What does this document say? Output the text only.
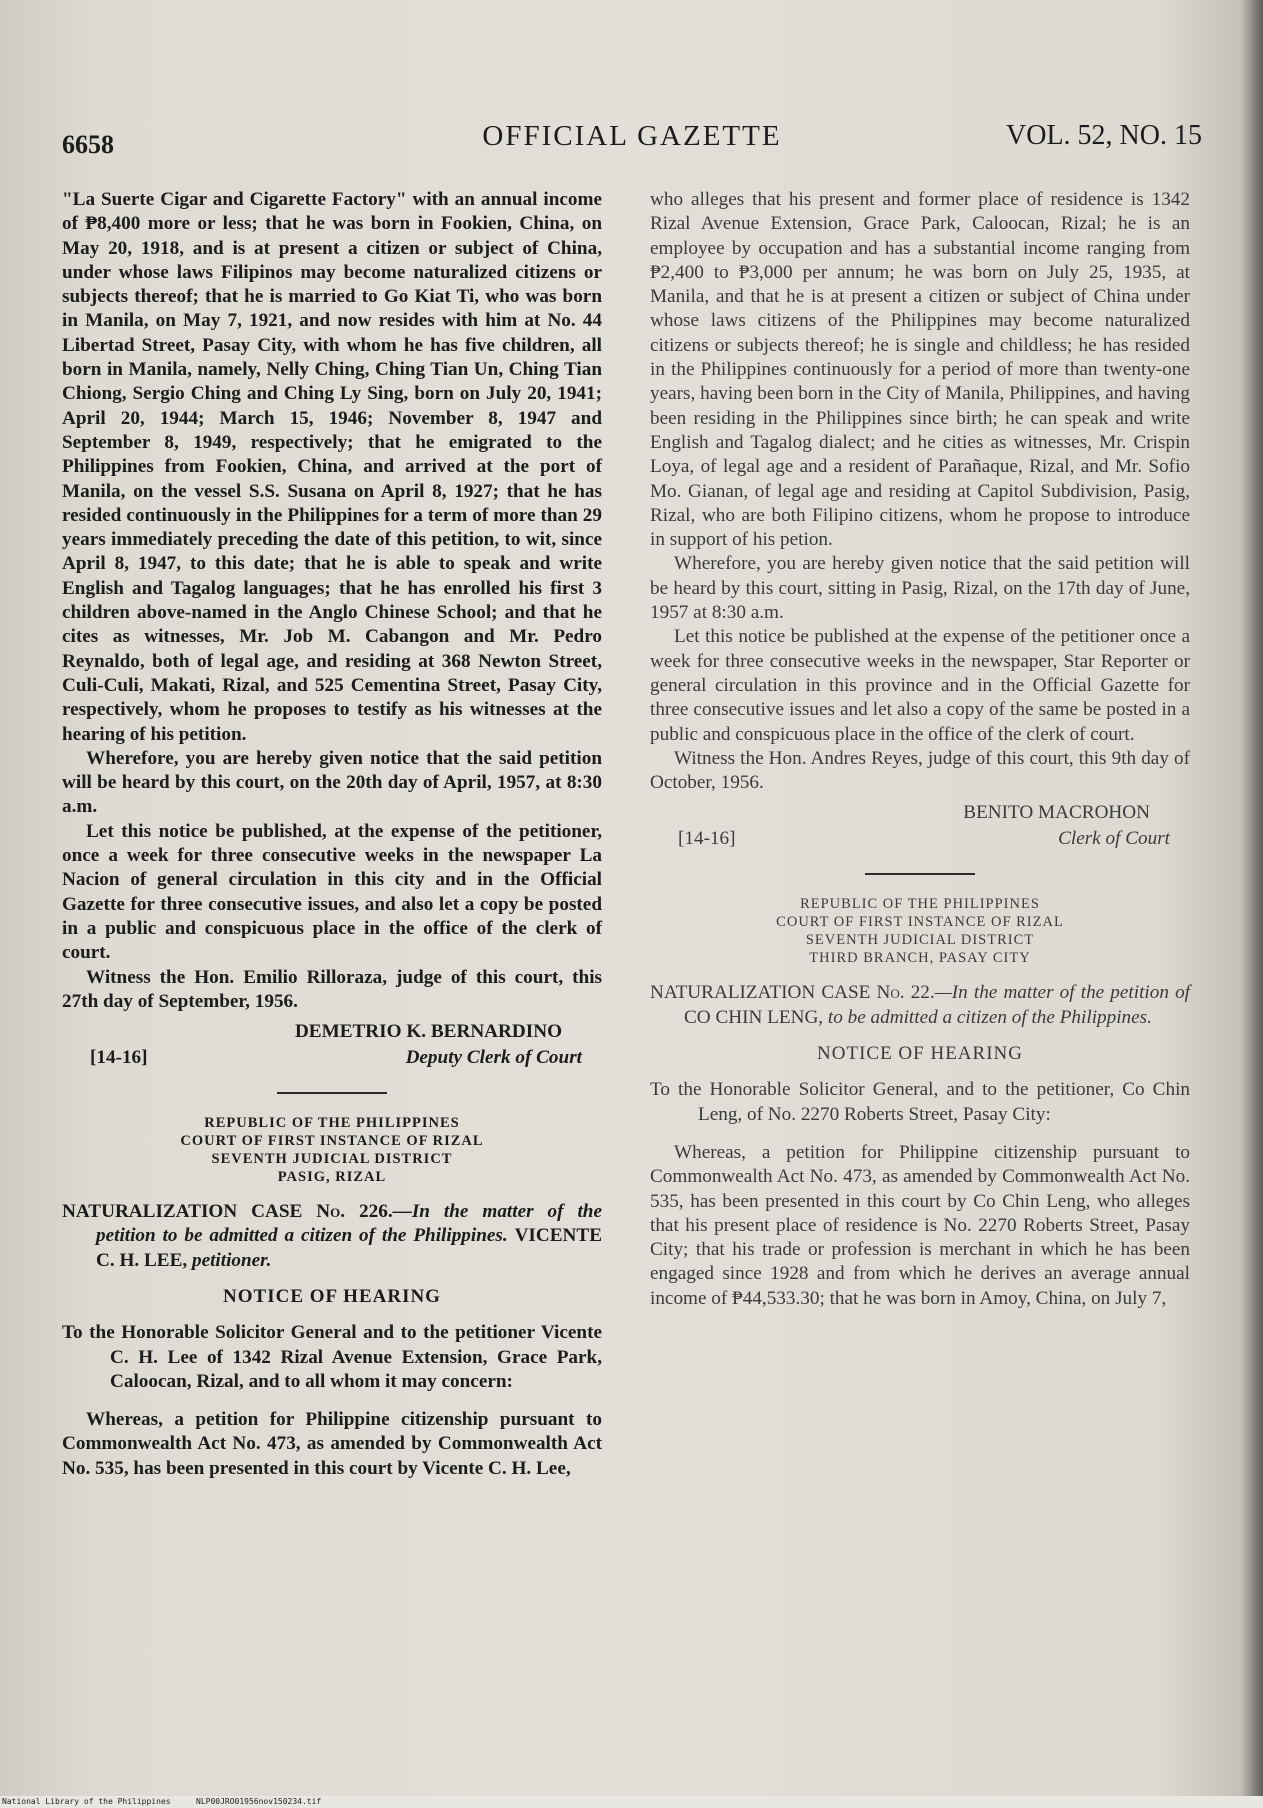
6658	OFFICIAL GAZETTE	VOL. 52, NO. 15

"La Suerte Cigar and Cigarette Factory" with an annual income of ₱8,400 more or less; that he was born in Fookien, China, on May 20, 1918, and is at present a citizen or subject of China, under whose laws Filipinos may become naturalized citizens or subjects thereof; that he is married to Go Kiat Ti, who was born in Manila, on May 7, 1921, and now resides with him at No. 44 Libertad Street, Pasay City, with whom he has five children, all born in Manila, namely, Nelly Ching, Ching Tian Un, Ching Tian Chiong, Sergio Ching and Ching Ly Sing, born on July 20, 1941; April 20, 1944; March 15, 1946; November 8, 1947 and September 8, 1949, respectively; that he emigrated to the Philippines from Fookien, China, and arrived at the port of Manila, on the vessel S.S. Susana on April 8, 1927; that he has resided continuously in the Philippines for a term of more than 29 years immediately preceding the date of this petition, to wit, since April 8, 1947, to this date; that he is able to speak and write English and Tagalog languages; that he has enrolled his first 3 children above-named in the Anglo Chinese School; and that he cites as witnesses, Mr. Job M. Cabangon and Mr. Pedro Reynaldo, both of legal age, and residing at 368 Newton Street, Culi-Culi, Makati, Rizal, and 525 Cementina Street, Pasay City, respectively, whom he proposes to testify as his witnesses at the hearing of his petition.

Wherefore, you are hereby given notice that the said petition will be heard by this court, on the 20th day of April, 1957, at 8:30 a.m.

Let this notice be published, at the expense of the petitioner, once a week for three consecutive weeks in the newspaper La Nacion of general circulation in this city and in the Official Gazette for three consecutive issues, and also let a copy be posted in a public and conspicuous place in the office of the clerk of court.

Witness the Hon. Emilio Rilloraza, judge of this court, this 27th day of September, 1956.

DEMETRIO K. BERNARDINO
[14-16]	Deputy Clerk of Court
REPUBLIC OF THE PHILIPPINES
COURT OF FIRST INSTANCE OF RIZAL
SEVENTH JUDICIAL DISTRICT
PASIG, RIZAL

NATURALIZATION CASE No. 226.—In the matter of the petition to be admitted a citizen of the Philippines. VICENTE C. H. LEE, petitioner.

NOTICE OF HEARING

To the Honorable Solicitor General and to the petitioner Vicente C. H. Lee of 1342 Rizal Avenue Extension, Grace Park, Caloocan, Rizal, and to all whom it may concern:

Whereas, a petition for Philippine citizenship pursuant to Commonwealth Act No. 473, as amended by Commonwealth Act No. 535, has been presented in this court by Vicente C. H. Lee,

who alleges that his present and former place of residence is 1342 Rizal Avenue Extension, Grace Park, Caloocan, Rizal; he is an employee by occupation and has a substantial income ranging from ₱2,400 to ₱3,000 per annum; he was born on July 25, 1935, at Manila, and that he is at present a citizen or subject of China under whose laws citizens of the Philippines may become naturalized citizens or subjects thereof; he is single and childless; he has resided in the Philippines continuously for a period of more than twenty-one years, having been born in the City of Manila, Philippines, and having been residing in the Philippines since birth; he can speak and write English and Tagalog dialect; and he cities as witnesses, Mr. Crispin Loya, of legal age and a resident of Parañaque, Rizal, and Mr. Sofio Mo. Gianan, of legal age and residing at Capitol Subdivision, Pasig, Rizal, who are both Filipino citizens, whom he propose to introduce in support of his petion.

Wherefore, you are hereby given notice that the said petition will be heard by this court, sitting in Pasig, Rizal, on the 17th day of June, 1957 at 8:30 a.m.

Let this notice be published at the expense of the petitioner once a week for three consecutive weeks in the newspaper, Star Reporter or general circulation in this province and in the Official Gazette for three consecutive issues and let also a copy of the same be posted in a public and conspicuous place in the office of the clerk of court.

Witness the Hon. Andres Reyes, judge of this court, this 9th day of October, 1956.

BENITO MACROHON
[14-16]	Clerk of Court
REPUBLIC OF THE PHILIPPINES
COURT OF FIRST INSTANCE OF RIZAL
SEVENTH JUDICIAL DISTRICT
THIRD BRANCH, PASAY CITY

NATURALIZATION CASE No. 22.—In the matter of the petition of CO CHIN LENG, to be admitted a citizen of the Philippines.

NOTICE OF HEARING

To the Honorable Solicitor General, and to the petitioner, Co Chin Leng, of No. 2270 Roberts Street, Pasay City:

Whereas, a petition for Philippine citizenship pursuant to Commonwealth Act No. 473, as amended by Commonwealth Act No. 535, has been presented in this court by Co Chin Leng, who alleges that his present place of residence is No. 2270 Roberts Street, Pasay City; that his trade or profession is merchant in which he has been engaged since 1928 and from which he derives an average annual income of ₱44,533.30; that he was born in Amoy, China, on July 7,

National Library of the Philippines	NLP00JRO01956nov150234.tif
